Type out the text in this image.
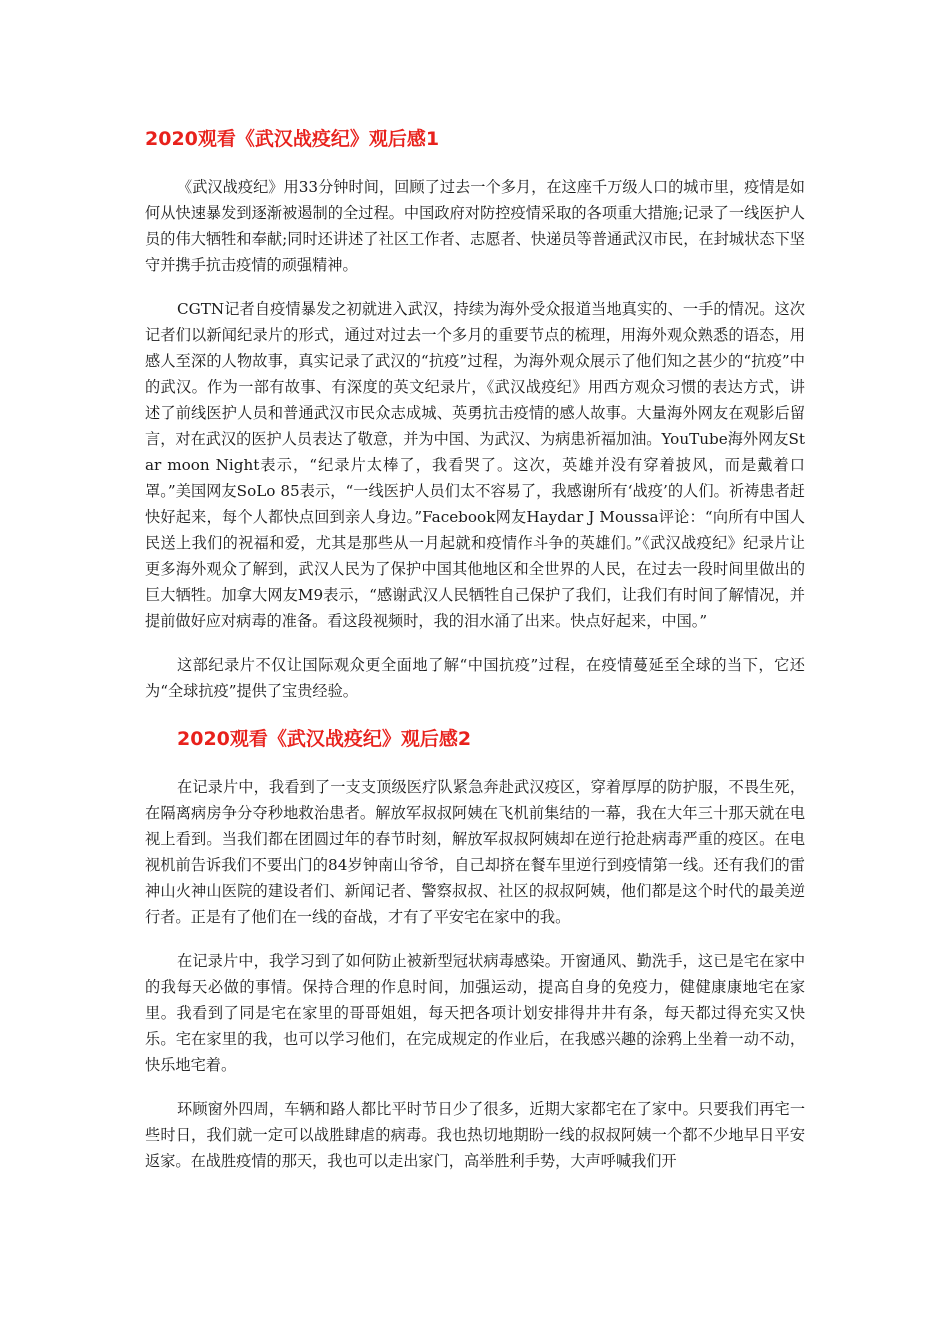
2020观看《武汉战疫纪》观后感1

《武汉战疫纪》用33分钟时间，回顾了过去一个多月，在这座千万级人口的城市里，疫情是如何从快速暴发到逐渐被遏制的全过程。中国政府对防控疫情采取的各项重大措施;记录了一线医护人员的伟大牺牲和奉献;同时还讲述了社区工作者、志愿者、快递员等普通武汉市民，在封城状态下坚守并携手抗击疫情的顽强精神。

CGTN记者自疫情暴发之初就进入武汉，持续为海外受众报道当地真实的、一手的情况。这次记者们以新闻纪录片的形式，通过对过去一个多月的重要节点的梳理，用海外观众熟悉的语态，用感人至深的人物故事，真实记录了武汉的“抗疫”过程，为海外观众展示了他们知之甚少的“抗疫”中的武汉。作为一部有故事、有深度的英文纪录片，《武汉战疫纪》用西方观众习惯的表达方式，讲述了前线医护人员和普通武汉市民众志成城、英勇抗击疫情的感人故事。大量海外网友在观影后留言，对在武汉的医护人员表达了敬意，并为中国、为武汉、为病患祈福加油。YouTube海外网友Star moon Night表示，“纪录片太棒了，我看哭了。这次，英雄并没有穿着披风，而是戴着口罩。”美国网友SoLo 85表示，“一线医护人员们太不容易了，我感谢所有‘战疫’的人们。祈祷患者赶快好起来，每个人都快点回到亲人身边。”Facebook网友Haydar J Moussa评论：“向所有中国人民送上我们的祝福和爱，尤其是那些从一月起就和疫情作斗争的英雄们。”《武汉战疫纪》纪录片让更多海外观众了解到，武汉人民为了保护中国其他地区和全世界的人民，在过去一段时间里做出的巨大牺牲。加拿大网友M9表示，“感谢武汉人民牺牲自己保护了我们，让我们有时间了解情况，并提前做好应对病毒的准备。看这段视频时，我的泪水涌了出来。快点好起来，中国。”

这部纪录片不仅让国际观众更全面地了解“中国抗疫”过程，在疫情蔓延至全球的当下，它还为“全球抗疫”提供了宝贵经验。

2020观看《武汉战疫纪》观后感2

在记录片中，我看到了一支支顶级医疗队紧急奔赴武汉疫区，穿着厚厚的防护服，不畏生死，在隔离病房争分夺秒地救治患者。解放军叔叔阿姨在飞机前集结的一幕，我在大年三十那天就在电视上看到。当我们都在团圆过年的春节时刻，解放军叔叔阿姨却在逆行抢赴病毒严重的疫区。在电视机前告诉我们不要出门的84岁钟南山爷爷，自己却挤在餐车里逆行到疫情第一线。还有我们的雷神山火神山医院的建设者们、新闻记者、警察叔叔、社区的叔叔阿姨，他们都是这个时代的最美逆行者。正是有了他们在一线的奋战，才有了平安宅在家中的我。

在记录片中，我学习到了如何防止被新型冠状病毒感染。开窗通风、勤洗手，这已是宅在家中的我每天必做的事情。保持合理的作息时间，加强运动，提高自身的免疫力，健健康康地宅在家里。我看到了同是宅在家里的哥哥姐姐，每天把各项计划安排得井井有条，每天都过得充实又快乐。宅在家里的我，也可以学习他们，在完成规定的作业后，在我感兴趣的涂鸦上坐着一动不动，快乐地宅着。

环顾窗外四周，车辆和路人都比平时节日少了很多，近期大家都宅在了家中。只要我们再宅一些时日，我们就一定可以战胜肆虐的病毒。我也热切地期盼一线的叔叔阿姨一个都不少地早日平安返家。在战胜疫情的那天，我也可以走出家门，高举胜利手势，大声呼喊我们开
